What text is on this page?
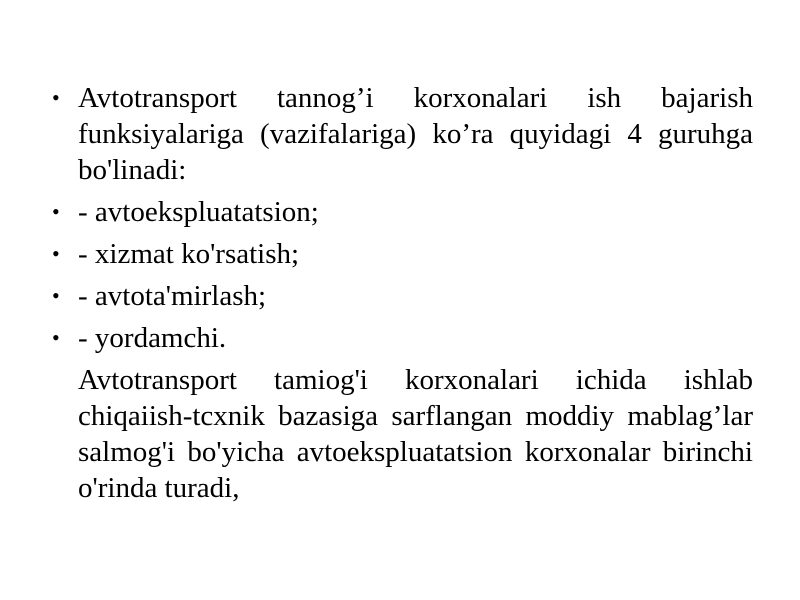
• Avtotransport tannog’i korxonalari ish bajarish funksiyalariga (vazifalariga) ko’ra quyidagi 4 guruhga bo'linadi:
• - avtoekspluatatsion;
• - xizmat ko'rsatish;
• - avtota'mirlash;
• - yordamchi.

Avtotransport tamiog'i korxonalari ichida ishlab chiqaiish-tcxnik bazasiga sarflangan moddiy mablag’lar salmog'i bo'yicha avtoekspluatatsion korxonalar birinchi o'rinda turadi,
